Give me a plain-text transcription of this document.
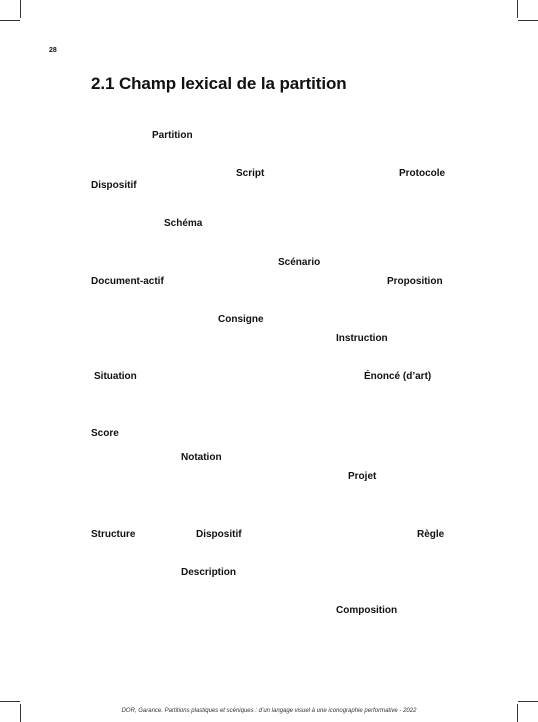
28
2.1 Champ lexical de la partition
Partition
Script	Protocole
Dispositif
Schéma
Scénario
Document-actif	Proposition
Consigne
Instruction
Situation	Énoncé (d’art)
Score
Notation
Projet
Structure	Dispositif	Règle
Description
Composition
DOR, Garance. Partitions plastiques et scéniques : d’un langage visuel à une iconographie performative - 2022
